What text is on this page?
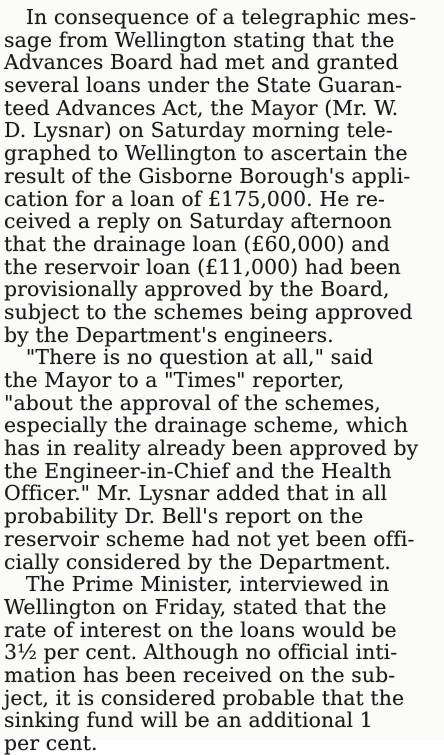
In consequence of a telegraphic mes-
sage from Wellington stating that the
Advances Board had met and granted
several loans under the State Guaran-
teed Advances Act, the Mayor (Mr. W.
D. Lysnar) on Saturday morning tele-
graphed to Wellington to ascertain the
result of the Gisborne Borough's appli-
cation for a loan of £175,000. He re-
ceived a reply on Saturday afternoon
that the drainage loan (£60,000) and
the reservoir loan (£11,000) had been
provisionally approved by the Board,
subject to the schemes being approved
by the Department's engineers.
"There is no question at all," said
the Mayor to a "Times" reporter,
"about the approval of the schemes,
especially the drainage scheme, which
has in reality already been approved by
the Engineer-in-Chief and the Health
Officer." Mr. Lysnar added that in all
probability Dr. Bell's report on the
reservoir scheme had not yet been offi-
cially considered by the Department.
The Prime Minister, interviewed in
Wellington on Friday, stated that the
rate of interest on the loans would be
3½ per cent. Although no official inti-
mation has been received on the sub-
ject, it is considered probable that the
sinking fund will be an additional 1
per cent.
